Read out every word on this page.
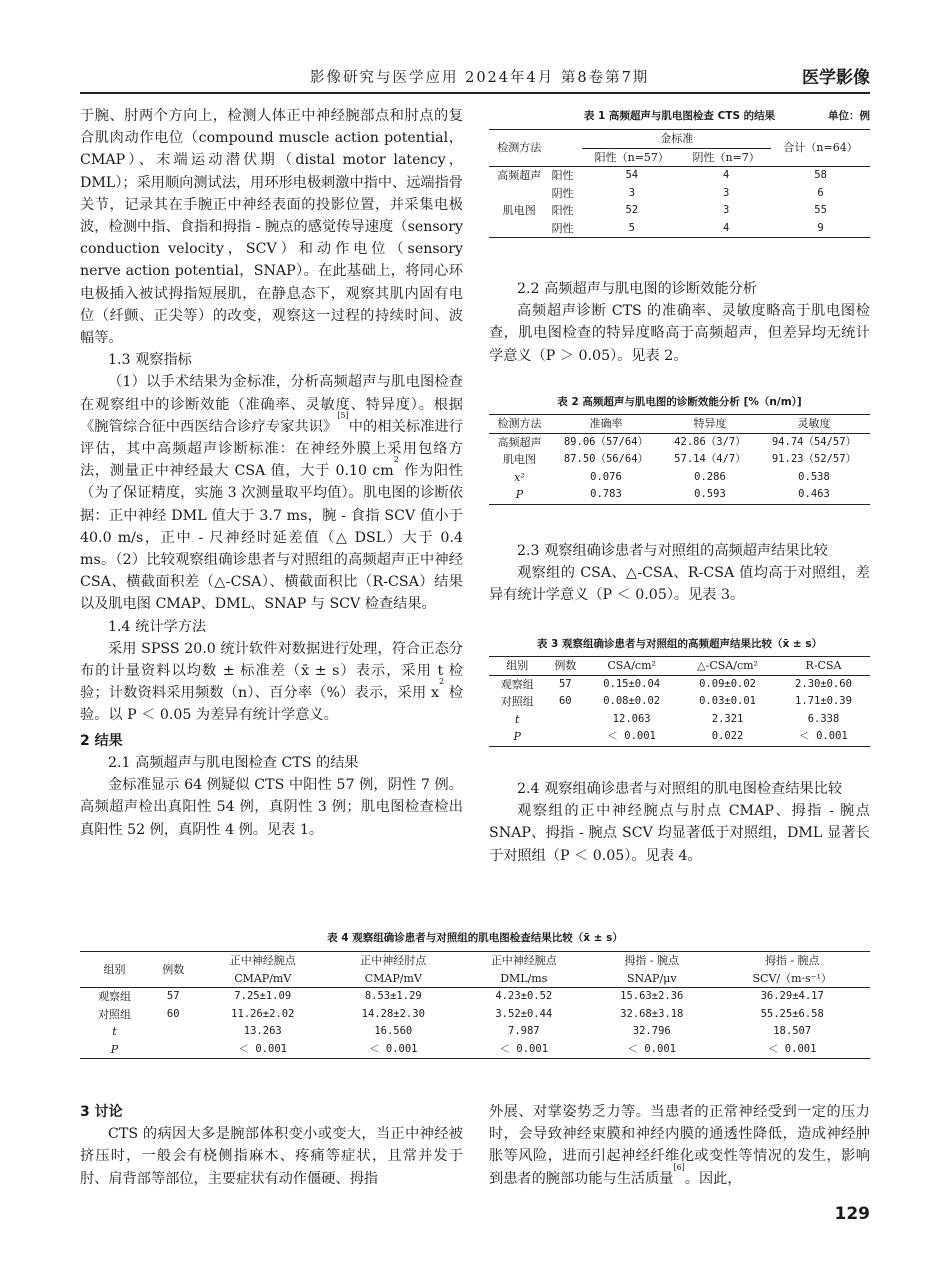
影像研究与医学应用 2024年4月 第8卷第7期	医学影像

于腕、肘两个方向上，检测人体正中神经腕部点和肘点的复合肌肉动作电位（compound muscle action potential，CMAP）、末端运动潜伏期（distal motor latency，DML）；采用顺向测试法，用环形电极刺激中指中、远端指骨关节，记录其在手腕正中神经表面的投影位置，并采集电极波，检测中指、食指和拇指 - 腕点的感觉传导速度（sensory conduction velocity，SCV）和动作电位（sensory nerve action potential，SNAP）。在此基础上，将同心环电极插入被试拇指短展肌，在静息态下，观察其肌内固有电位（纤颤、正尖等）的改变，观察这一过程的持续时间、波幅等。

1.3 观察指标

（1）以手术结果为金标准，分析高频超声与肌电图检查在观察组中的诊断效能（准确率、灵敏度、特异度）。根据《腕管综合征中西医结合诊疗专家共识》[5]中的相关标准进行评估，其中高频超声诊断标准：在神经外膜上采用包络方法，测量正中神经最大 CSA 值，大于 0.10 $cm^2$ 作为阳性（为了保证精度，实施 3 次测量取平均值）。肌电图的诊断依据：正中神经 DML 值大于 3.7 ms，腕 - 食指 SCV 值小于 40.0 m/s，正中 - 尺神经时延差值（△ DSL）大于 0.4 ms。（2）比较观察组确诊患者与对照组的高频超声正中神经 CSA、横截面积差（△-CSA）、横截面积比（R-CSA）结果以及肌电图 CMAP、DML、SNAP 与 SCV 检查结果。

1.4 统计学方法

采用 SPSS 20.0 统计软件对数据进行处理，符合正态分布的计量资料以均数 ± 标准差（x̄ ± s）表示，采用 t 检验；计数资料采用频数（n）、百分率（%）表示，采用 $x^2$ 检验。以 P ＜ 0.05 为差异有统计学意义。

2 结果

2.1 高频超声与肌电图检查 CTS 的结果

金标准显示 64 例疑似 CTS 中阳性 57 例，阴性 7 例。高频超声检出真阳性 54 例，真阴性 3 例；肌电图检查检出真阳性 52 例，真阴性 4 例。见表 1。

表 1 高频超声与肌电图检查 CTS 的结果	单位：例
检测方法		金标准		合计（n=64）
		阳性（n=57）	阴性（n=7）	
高频超声	阳性	54	4	58
	阴性	3	3	6
肌电图	阳性	52	3	55
	阴性	5	4	9

2.2 高频超声与肌电图的诊断效能分析

高频超声诊断 CTS 的准确率、灵敏度略高于肌电图检查，肌电图检查的特异度略高于高频超声，但差异均无统计学意义（P ＞ 0.05）。见表 2。

表 2 高频超声与肌电图的诊断效能分析 [%（n/m）]
检测方法	准确率	特异度	灵敏度
高频超声	89.06（57/64）	42.86（3/7）	94.74（54/57）
肌电图	87.50（56/64）	57.14（4/7）	91.23（52/57）
x²	0.076	0.286	0.538
P	0.783	0.593	0.463

2.3 观察组确诊患者与对照组的高频超声结果比较

观察组的 CSA、△-CSA、R-CSA 值均高于对照组，差异有统计学意义（P ＜ 0.05）。见表 3。

表 3 观察组确诊患者与对照组的高频超声结果比较（x̄ ± s）
组别	例数	CSA/cm²	△-CSA/cm²	R-CSA
观察组	57	0.15±0.04	0.09±0.02	2.30±0.60
对照组	60	0.08±0.02	0.03±0.01	1.71±0.39
t		12.063	2.321	6.338
P		＜ 0.001	0.022	＜ 0.001

2.4 观察组确诊患者与对照组的肌电图检查结果比较

观察组的正中神经腕点与肘点 CMAP、拇指 - 腕点 SNAP、拇指 - 腕点 SCV 均显著低于对照组，DML 显著长于对照组（P ＜ 0.05）。见表 4。

表 4 观察组确诊患者与对照组的肌电图检查结果比较（x̄ ± s）
组别	例数	正中神经腕点	正中神经肘点	正中神经腕点	拇指 - 腕点	拇指 - 腕点
		CMAP/mV	CMAP/mV	DML/ms	SNAP/μv	SCV/（m·s⁻¹）
观察组	57	7.25±1.09	8.53±1.29	4.23±0.52	15.63±2.36	36.29±4.17
对照组	60	11.26±2.02	14.28±2.30	3.52±0.44	32.68±3.18	55.25±6.58
t		13.263	16.560	7.987	32.796	18.507
P		＜ 0.001	＜ 0.001	＜ 0.001	＜ 0.001	＜ 0.001

3 讨论

CTS 的病因大多是腕部体积变小或变大，当正中神经被挤压时，一般会有桡侧指麻木、疼痛等症状，且常并发于肘、肩背部等部位，主要症状有动作僵硬、拇指

外展、对掌姿势乏力等。当患者的正常神经受到一定的压力时，会导致神经束膜和神经内膜的通透性降低，造成神经肿胀等风险，进而引起神经纤维化或变性等情况的发生，影响到患者的腕部功能与生活质量[6]。因此，

129
